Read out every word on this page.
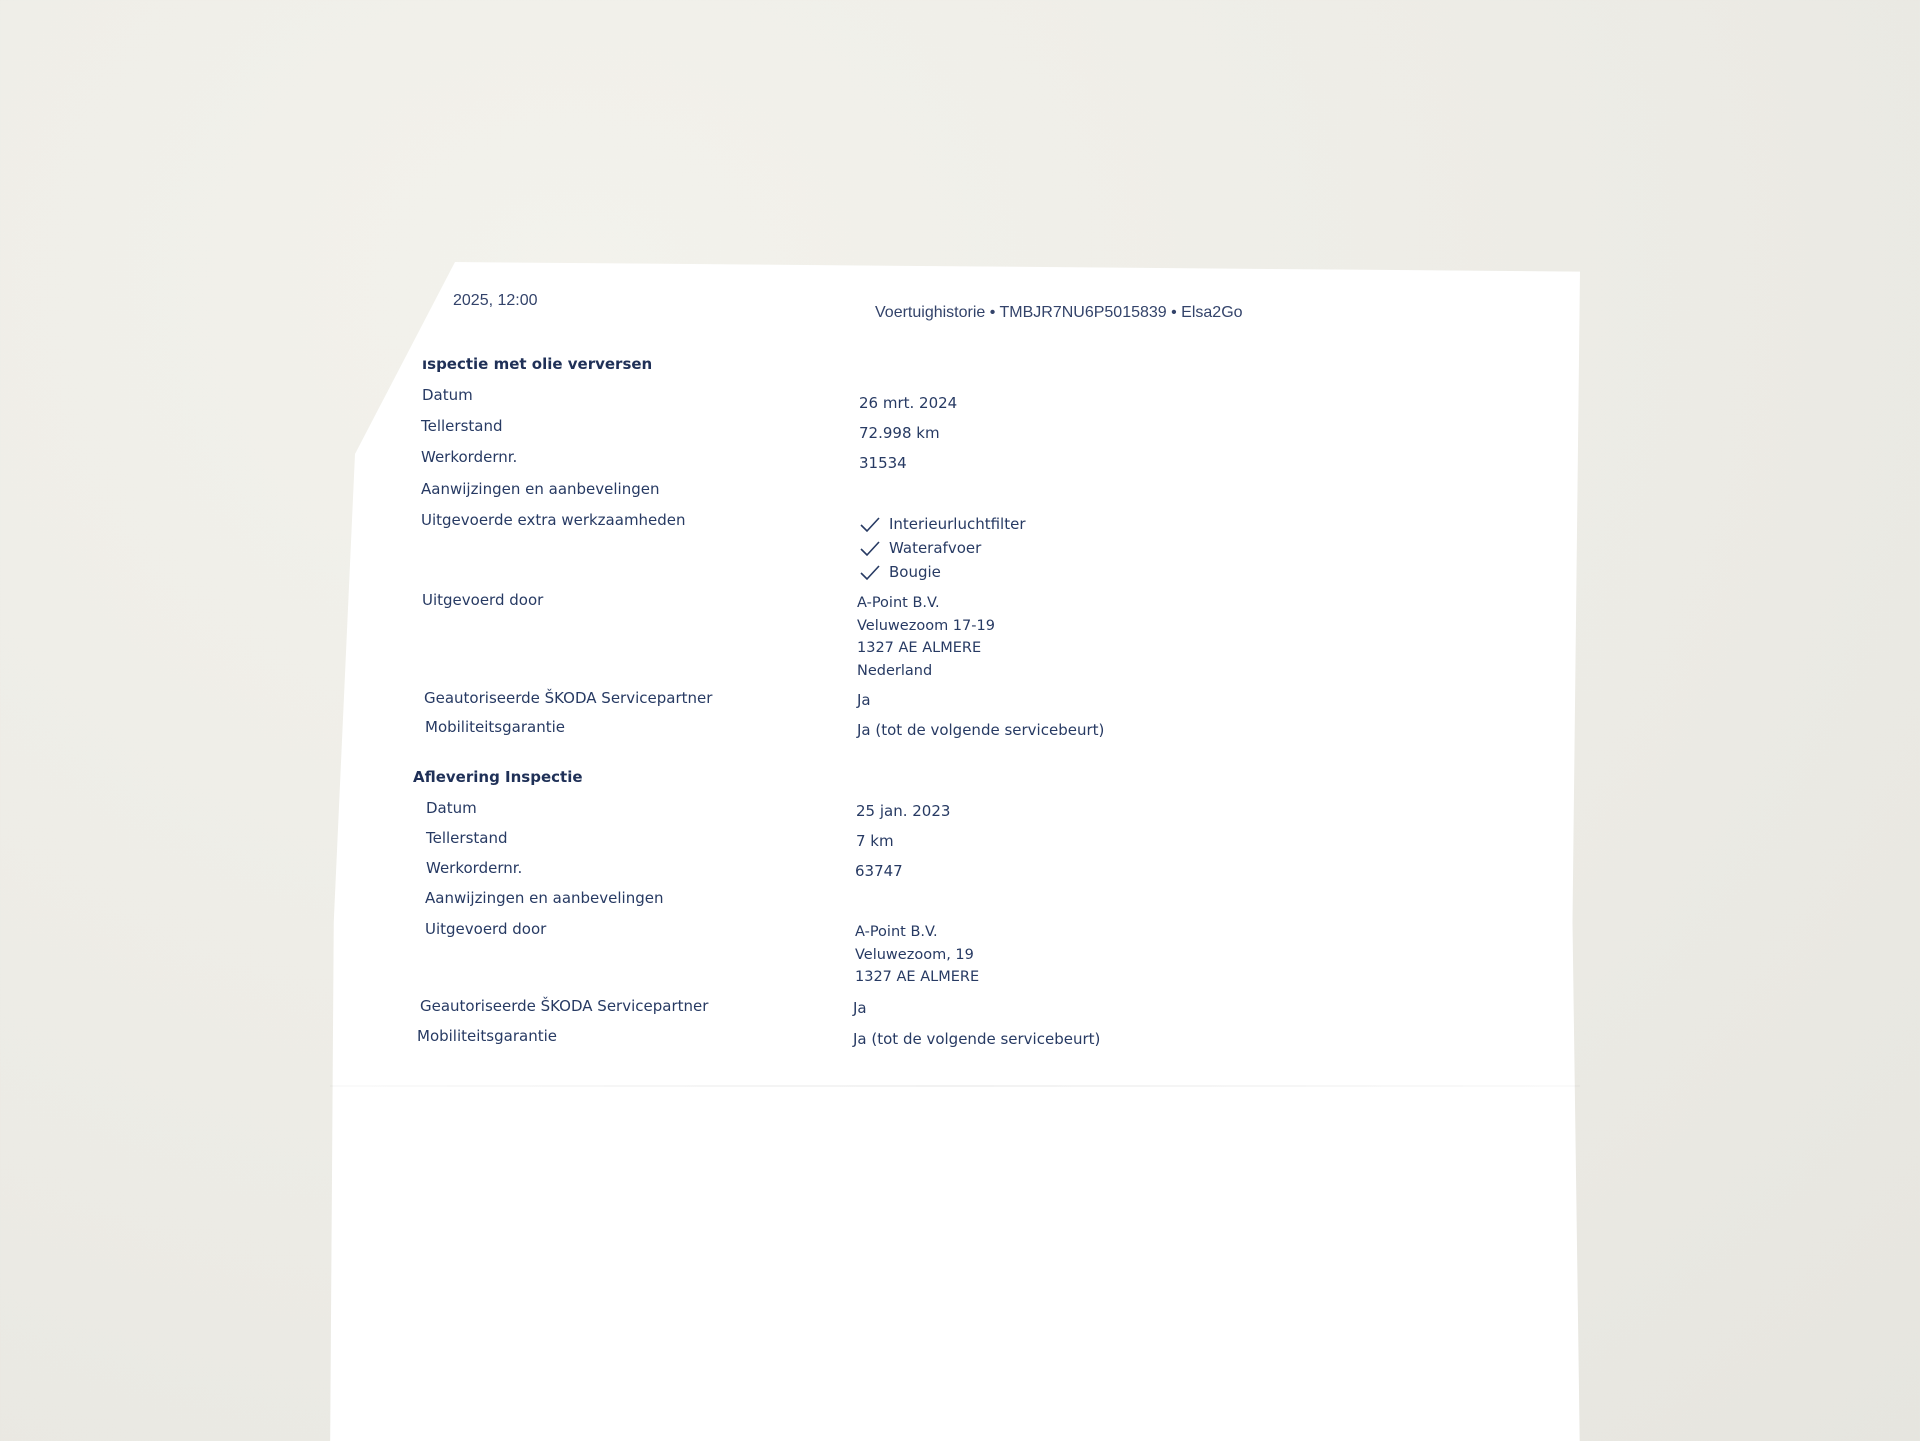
2025, 12:00
Voertuighistorie • TMBJR7NU6P5015839 • Elsa2Go
ıspectie met olie verversen
Datum	26 mrt. 2024
Tellerstand	72.998 km
Werkordernr.	31534
Aanwijzingen en aanbevelingen
Uitgevoerde extra werkzaamheden	Interieurluchtfilter
Waterafvoer
Bougie
Uitgevoerd door	A-Point B.V.
Veluwezoom 17-19
1327 AE ALMERE
Nederland
Geautoriseerde ŠKODA Servicepartner	Ja
Mobiliteitsgarantie	Ja (tot de volgende servicebeurt)
Aflevering Inspectie
Datum	25 jan. 2023
Tellerstand	7 km
Werkordernr.	63747
Aanwijzingen en aanbevelingen
Uitgevoerd door	A-Point B.V.
Veluwezoom, 19
1327 AE ALMERE
Geautoriseerde ŠKODA Servicepartner	Ja
Mobiliteitsgarantie	Ja (tot de volgende servicebeurt)
